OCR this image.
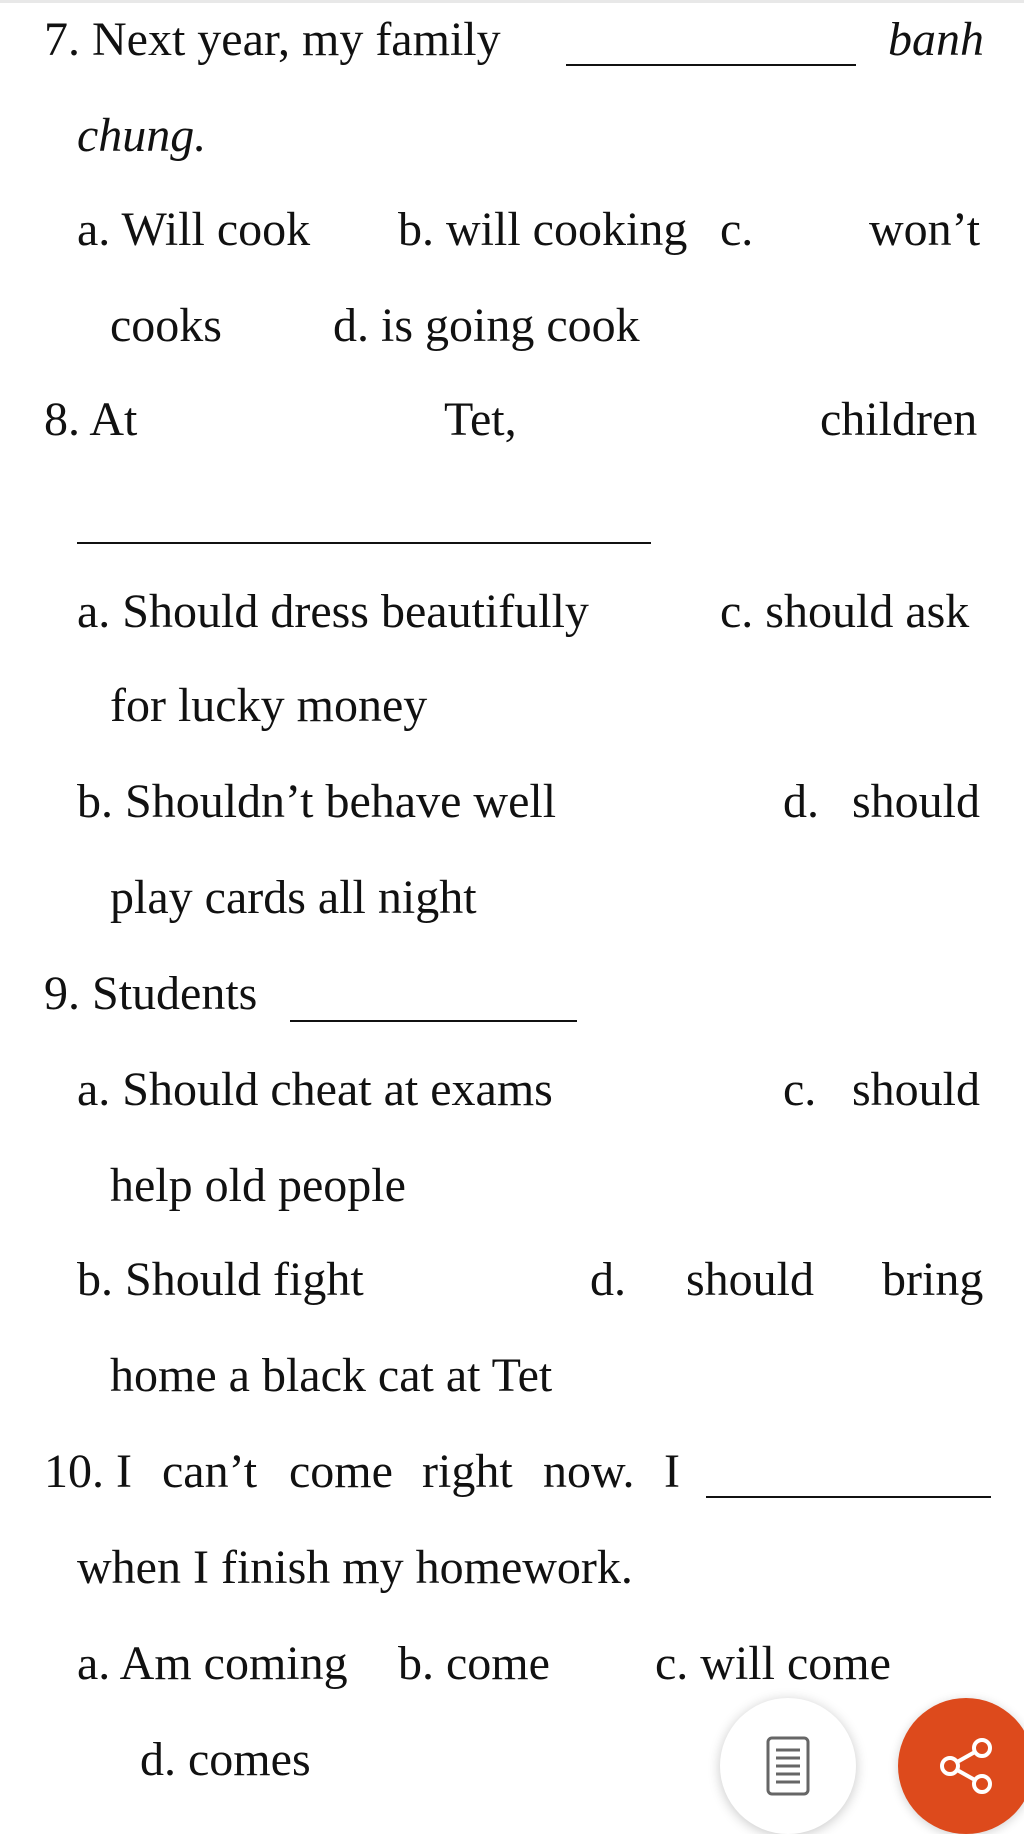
7. Next year, my family	banh
chung.
a. Will cook b. will cooking c. won’t
cooks d. is going cook
8. At	Tet,	children
a. Should dress beautifully	c. should ask
for lucky money
b. Shouldn’t behave well	d. should
play cards all night
9. Students
a. Should cheat at exams	c. should
help old people
b. Should fight	d. should bring
home a black cat at Tet
10. I can’t come right now. I
when I finish my homework.
a. Am coming b. come c. will come
d. comes
